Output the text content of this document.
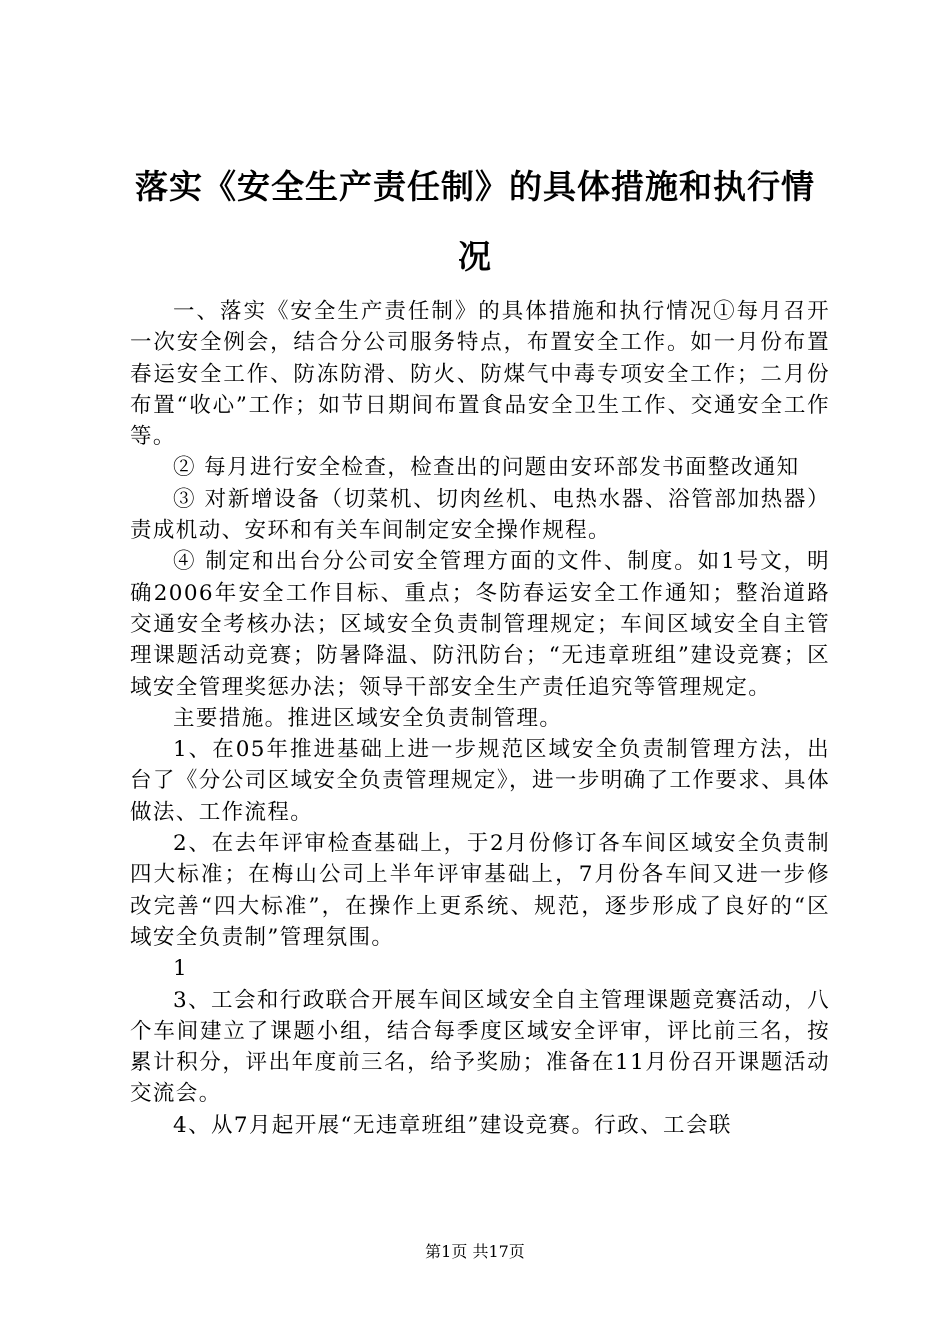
落实《安全生产责任制》的具体措施和执行情况

一、落实《安全生产责任制》的具体措施和执行情况①每月召开一次安全例会，结合分公司服务特点，布置安全工作。如一月份布置春运安全工作、防冻防滑、防火、防煤气中毒专项安全工作；二月份布置“收心”工作；如节日期间布置食品安全卫生工作、交通安全工作等。

② 每月进行安全检查，检查出的问题由安环部发书面整改通知

③ 对新增设备（切菜机、切肉丝机、电热水器、浴管部加热器）责成机动、安环和有关车间制定安全操作规程。

④ 制定和出台分公司安全管理方面的文件、制度。如1号文，明确2006年安全工作目标、重点；冬防春运安全工作通知；整治道路交通安全考核办法；区域安全负责制管理规定；车间区域安全自主管理课题活动竞赛；防暑降温、防汛防台；“无违章班组”建设竞赛；区域安全管理奖惩办法；领导干部安全生产责任追究等管理规定。

主要措施。推进区域安全负责制管理。

1、在05年推进基础上进一步规范区域安全负责制管理方法，出台了《分公司区域安全负责管理规定》，进一步明确了工作要求、具体做法、工作流程。

2、在去年评审检查基础上，于2月份修订各车间区域安全负责制四大标准；在梅山公司上半年评审基础上，7月份各车间又进一步修改完善“四大标准”，在操作上更系统、规范，逐步形成了良好的“区域安全负责制”管理氛围。

1

3、工会和行政联合开展车间区域安全自主管理课题竞赛活动，八个车间建立了课题小组，结合每季度区域安全评审，评比前三名，按累计积分，评出年度前三名，给予奖励；准备在11月份召开课题活动交流会。

4、从7月起开展“无违章班组”建设竞赛。行政、工会联

第1页 共17页
